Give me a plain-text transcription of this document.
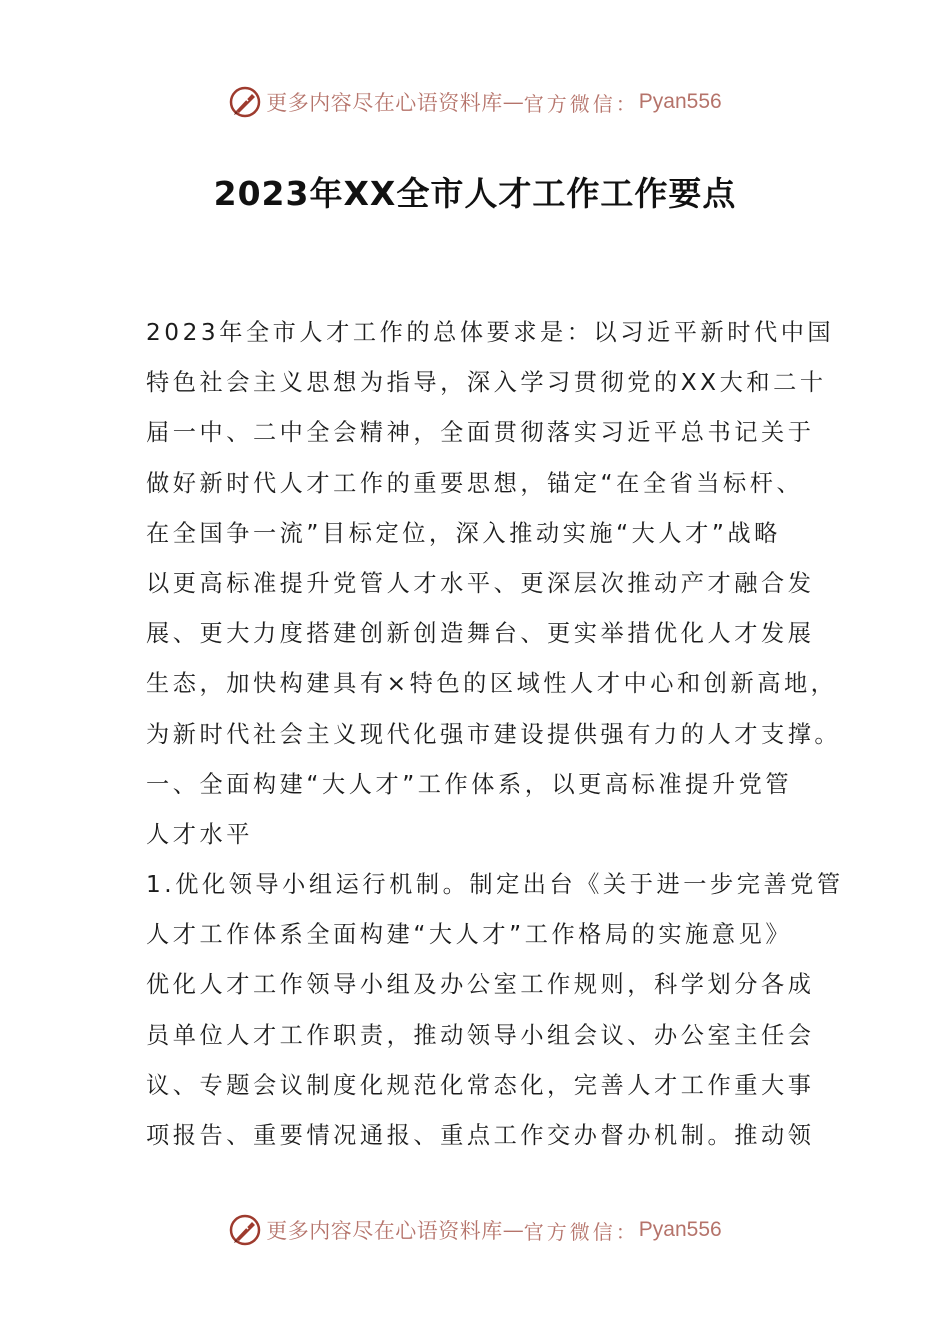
更多内容尽在心语资料库 — 官方微信： Pyan556
2023年XX全市人才工作工作要点
2023年全市人才工作的总体要求是：以习近平新时代中国
特色社会主义思想为指导，深入学习贯彻党的XX大和二十
届一中、二中全会精神，全面贯彻落实习近平总书记关于
做好新时代人才工作的重要思想，锚定“在全省当标杆、
在全国争一流”目标定位，深入推动实施“大人才”战略
以更高标准提升党管人才水平、更深层次推动产才融合发
展、更大力度搭建创新创造舞台、更实举措优化人才发展
生态，加快构建具有×特色的区域性人才中心和创新高地，
为新时代社会主义现代化强市建设提供强有力的人才支撑。
一、全面构建“大人才”工作体系，以更高标准提升党管
人才水平
1.优化领导小组运行机制。制定出台《关于进一步完善党管
人才工作体系全面构建“大人才”工作格局的实施意见》
优化人才工作领导小组及办公室工作规则，科学划分各成
员单位人才工作职责，推动领导小组会议、办公室主任会
议、专题会议制度化规范化常态化，完善人才工作重大事
项报告、重要情况通报、重点工作交办督办机制。推动领
更多内容尽在心语资料库 — 官方微信： Pyan556
